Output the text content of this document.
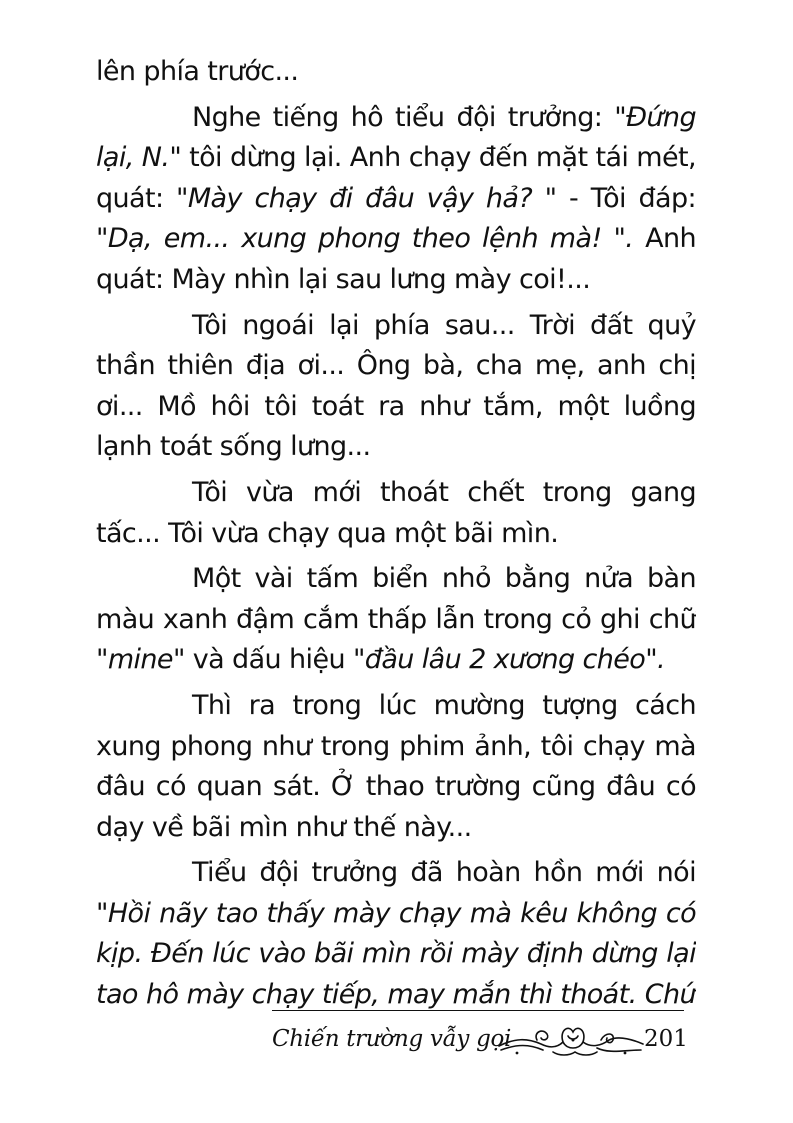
lên phía trước...
Nghe tiếng hô tiểu đội trưởng: "Đứng
lại, N." tôi dừng lại. Anh chạy đến mặt tái mét,
quát: "Mày chạy đi đâu vậy hả? " - Tôi đáp:
"Dạ, em... xung phong theo lệnh mà! ". Anh
quát: Mày nhìn lại sau lưng mày coi!...
Tôi ngoái lại phía sau... Trời đất quỷ
thần thiên địa ơi... Ông bà, cha mẹ, anh chị
ơi... Mồ hôi tôi toát ra như tắm, một luồng
lạnh toát sống lưng...
Tôi vừa mới thoát chết trong gang
tấc... Tôi vừa chạy qua một bãi mìn.
Một vài tấm biển nhỏ bằng nửa bàn
màu xanh đậm cắm thấp lẫn trong cỏ ghi chữ
"mine" và dấu hiệu "đầu lâu 2 xương chéo".
Thì ra trong lúc mường tượng cách
xung phong như trong phim ảnh, tôi chạy mà
đâu có quan sát. Ở thao trường cũng đâu có
dạy về bãi mìn như thế này...
Tiểu đội trưởng đã hoàn hồn mới nói
"Hồi nãy tao thấy mày chạy mà kêu không có
kịp. Đến lúc vào bãi mìn rồi mày định dừng lại
tao hô mày chạy tiếp, may mắn thì thoát. Chứ
Chiến trường vẫy gọi	201
